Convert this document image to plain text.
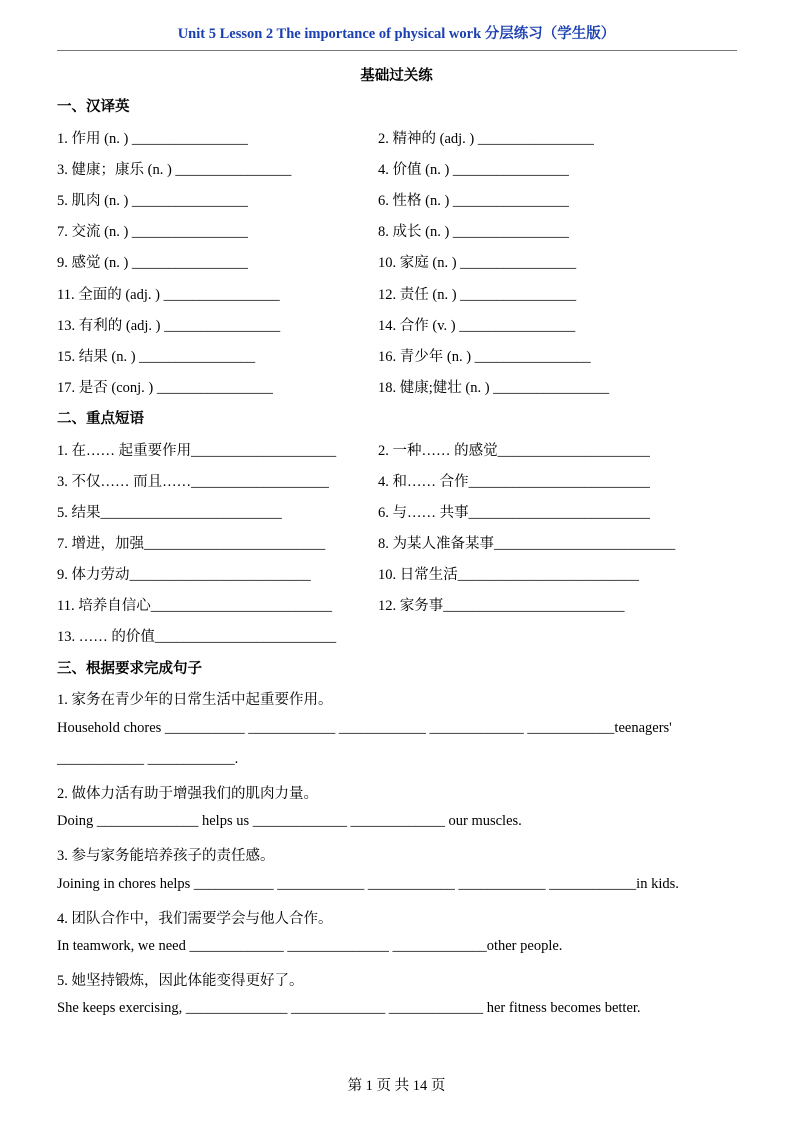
Unit 5 Lesson 2 The importance of physical work 分层练习（学生版）
基础过关练
一、汉译英
1. 作用 (n. ) ________________	2. 精神的 (adj. ) ________________
3. 健康；康乐 (n. ) ________________	4. 价值 (n. ) ________________
5. 肌肉 (n. ) ________________	6. 性格 (n. ) ________________
7. 交流 (n. ) ________________	8. 成长 (n. ) ________________
9. 感觉 (n. ) ________________	10. 家庭 (n. ) ________________
11. 全面的 (adj. ) ________________	12. 责任 (n. ) ________________
13. 有利的 (adj. ) ________________	14. 合作 (v. ) ________________
15. 结果 (n. ) ________________	16. 青少年 (n. ) ________________
17. 是否 (conj. ) ________________	18. 健康;健壮 (n. ) ________________
二、重点短语
1. 在…… 起重要作用____________________	2. 一种…… 的感觉_____________________
3. 不仅…… 而且……___________________	4. 和…… 合作_________________________
5. 结果_________________________	6. 与…… 共事_________________________
7. 增进，加强_________________________	8. 为某人准备某事_________________________
9. 体力劳动_________________________	10. 日常生活_________________________
11. 培养自信心_________________________	12. 家务事_________________________
13. …… 的价值_________________________
三、根据要求完成句子
1. 家务在青少年的日常生活中起重要作用。
Household chores ___________ ____________ ____________ _____________ ____________teenagers'
____________ ____________.
2. 做体力活有助于增强我们的肌肉力量。
Doing ______________ helps us _____________ _____________ our muscles.
3. 参与家务能培养孩子的责任感。
Joining in chores helps ___________ ____________ ____________ ____________ ____________in kids.
4. 团队合作中，我们需要学会与他人合作。
In teamwork, we need _____________ ______________ _____________other people.
5. 她坚持锻炼，因此体能变得更好了。
She keeps exercising, ______________ _____________ _____________ her fitness becomes better.
第 1 页 共 14 页
